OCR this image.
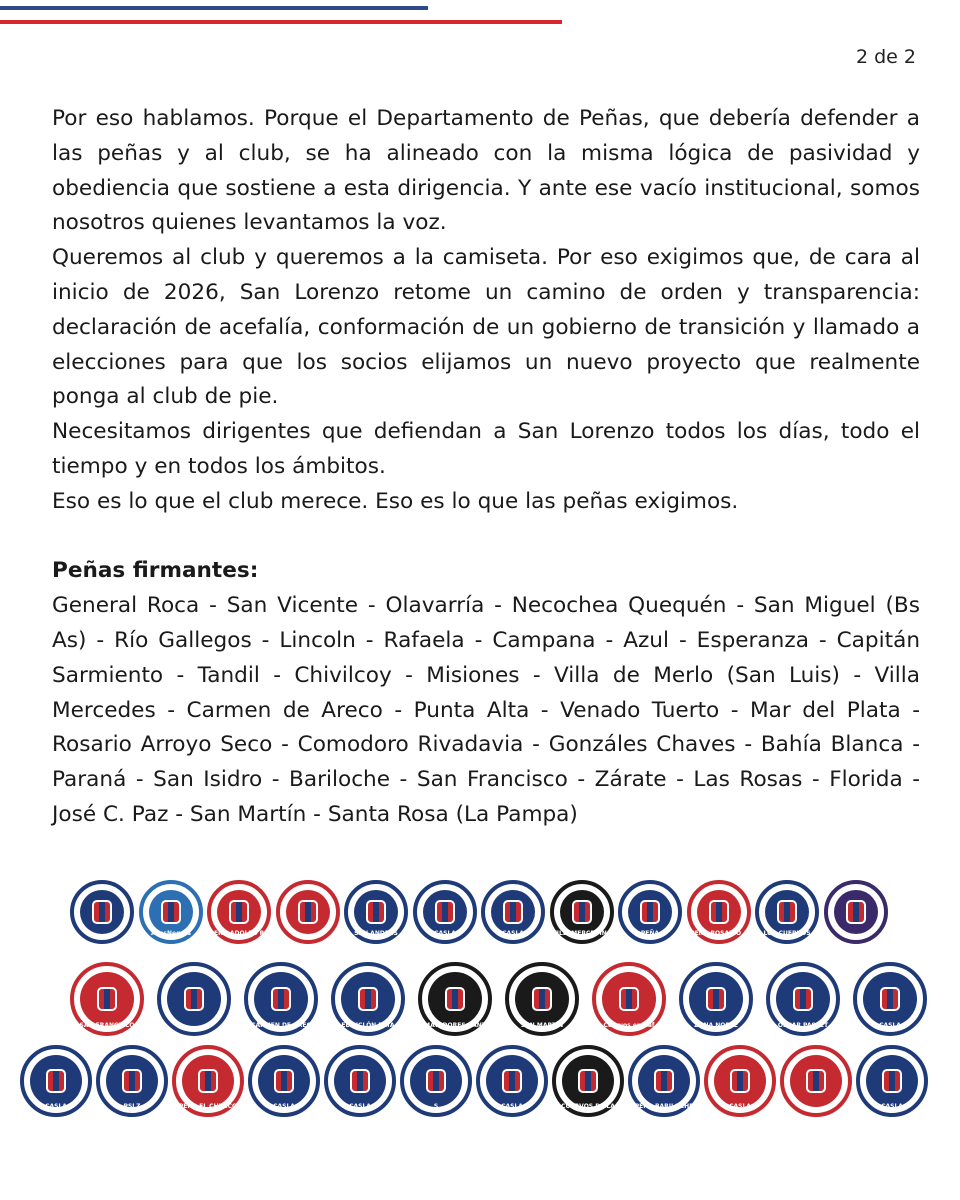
2 de 2

Por eso hablamos. Porque el Departamento de Peñas, que debería defender a las peñas y al club, se ha alineado con la misma lógica de pasividad y obediencia que sostiene a esta dirigencia. Y ante ese vacío institucional, somos nosotros quienes levantamos la voz.

Queremos al club y queremos a la camiseta. Por eso exigimos que, de cara al inicio de 2026, San Lorenzo retome un camino de orden y transparencia: declaración de acefalía, conformación de un gobierno de transición y llamado a elecciones para que los socios elijamos un nuevo proyecto que realmente ponga al club de pie.

Necesitamos dirigentes que defiendan a San Lorenzo todos los días, todo el tiempo y en todos los ámbitos.

Eso es lo que el club merece. Eso es lo que las peñas exigimos.

Peñas firmantes:

General Roca - San Vicente - Olavarría - Necochea Quequén - San Miguel (Bs As) - Río Gallegos - Lincoln - Rafaela - Campana - Azul - Esperanza - Capitán Sarmiento - Tandil - Chivilcoy - Misiones - Villa de Merlo (San Luis) - Villa Mercedes - Carmen de Areco - Punta Alta - Venado Tuerto - Mar del Plata - Rosario Arroyo Seco - Comodoro Rivadavia - Gonzáles Chaves - Bahía Blanca - Paraná - San Isidro - Bariloche - San Francisco - Zárate - Las Rosas - Florida - José C. Paz - San Martín - Santa Rosa (La Pampa)

AvesNegras	PEÑA ADOLFO RE	SAN ANDRÉS	CASLA	CASLA	VILLAMERCEDINO	PEÑA	PEÑA ROSARIO A	LOS CUERVOS
SAN FRANCISCO	CARMEN DE AREC	EL CICLÓN PATA	MATADORES SANT	SAN MARTÍN	Cuervos en Raf	ZONA NORTE	OSCAR PASSET	CASLA
CASLA	PSLZ	PEÑA EL CHUECO	CASLA	CASLA	S	CASLA	CUERVOS DE LA	PEÑA BARILOCHE	CASLA	CASLA
